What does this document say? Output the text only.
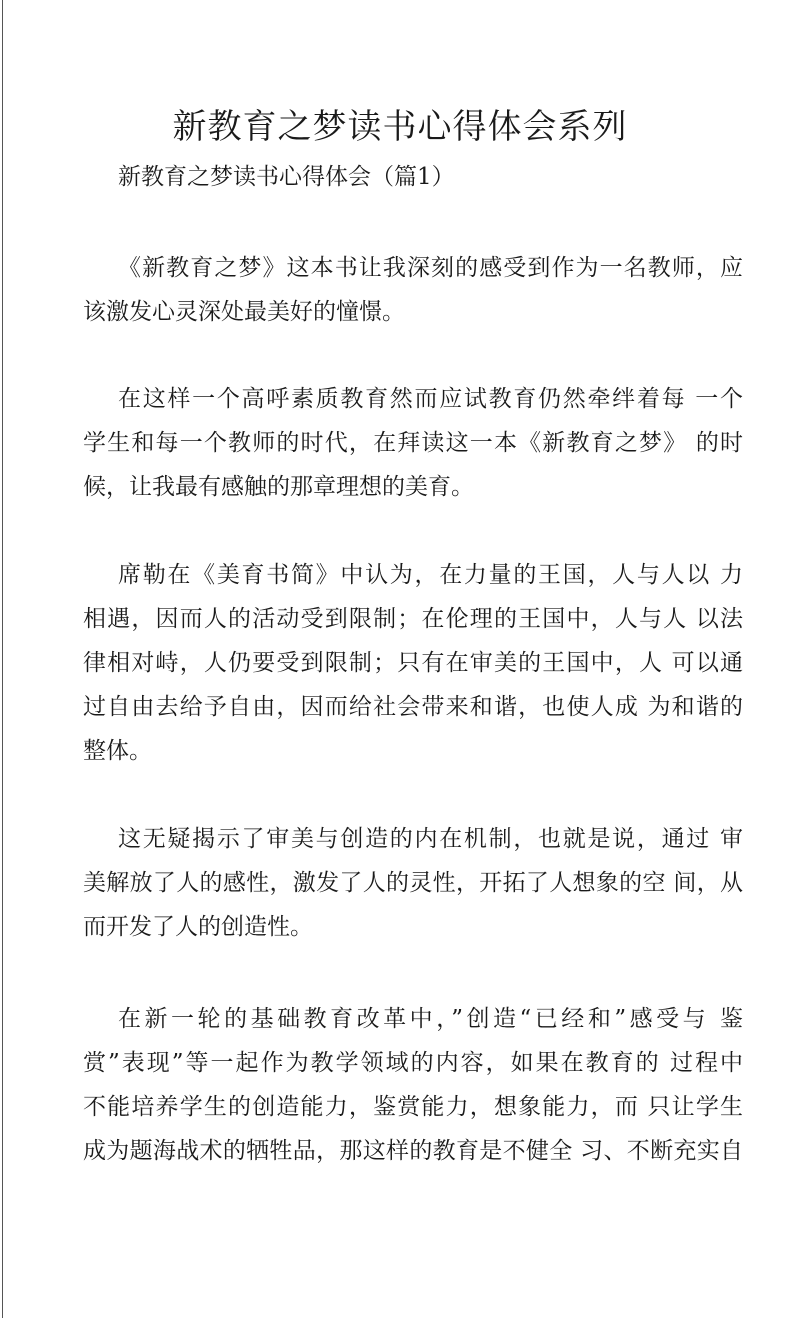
新教育之梦读书心得体会系列
新教育之梦读书心得体会（篇1）
《新教育之梦》这本书让我深刻的感受到作为一名教师，应
该激发心灵深处最美好的憧憬。
在这样一个高呼素质教育然而应试教育仍然牵绊着每 一个
学生和每一个教师的时代，在拜读这一本《新教育之梦》 的时
候，让我最有感触的那章理想的美育。
席勒在《美育书简》中认为，在力量的王国，人与人以 力
相遇，因而人的活动受到限制；在伦理的王国中，人与人 以法
律相对峙，人仍要受到限制；只有在审美的王国中，人 可以通
过自由去给予自由，因而给社会带来和谐，也使人成 为和谐的
整体。
这无疑揭示了审美与创造的内在机制，也就是说，通过 审
美解放了人的感性，激发了人的灵性，开拓了人想象的空 间，从
而开发了人的创造性。
在新一轮的基础教育改革中，”创造“已经和”感受与 鉴
赏”表现”等一起作为教学领域的内容，如果在教育的 过程中
不能培养学生的创造能力，鉴赏能力，想象能力，而 只让学生
成为题海战术的牺牲品，那这样的教育是不健全 习、不断充实自
